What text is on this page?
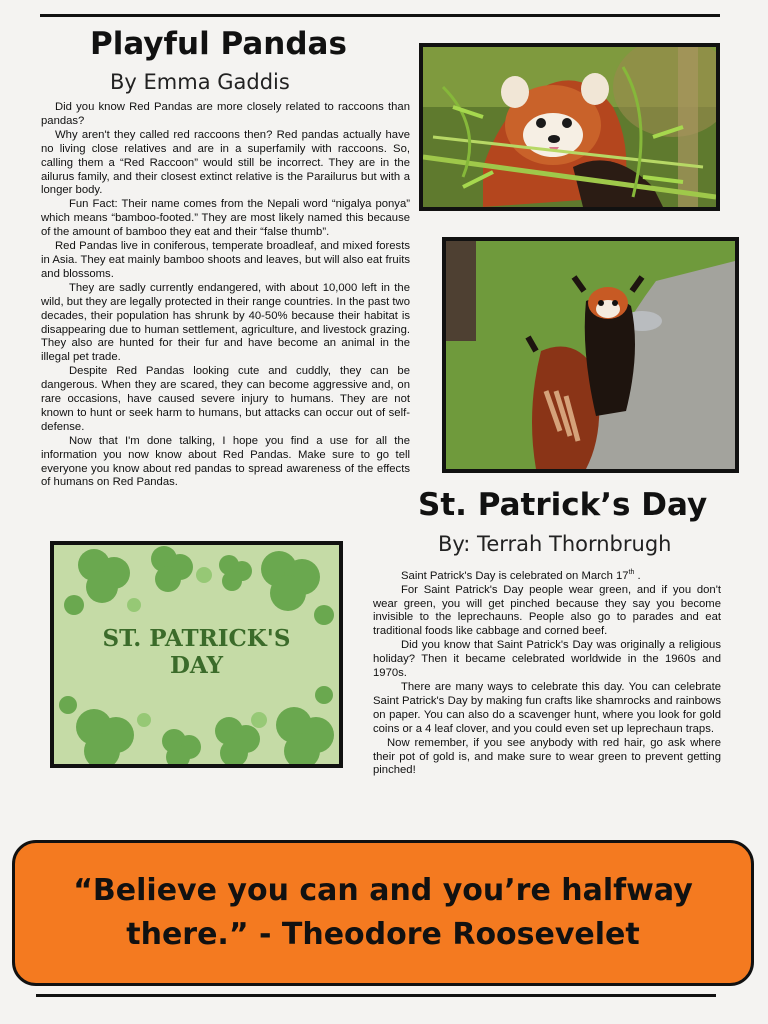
Playful Pandas
By Emma Gaddis

Did you know Red Pandas are more closely related to raccoons than pandas?

Why aren't they called red raccoons then? Red pandas actually have no living close relatives and are in a superfamily with raccoons. So, calling them a “Red Raccoon” would still be incorrect. They are in the ailurus family, and their closest extinct relative is the Parailurus but with a longer body.

Fun Fact: Their name comes from the Nepali word “nigalya ponya” which means “bamboo-footed.” They are most likely named this because of the amount of bamboo they eat and their “false thumb”.

Red Pandas live in coniferous, temperate broadleaf, and mixed forests in Asia. They eat mainly bamboo shoots and leaves, but will also eat fruits and blossoms.

They are sadly currently endangered, with about 10,000 left in the wild, but they are legally protected in their range countries. In the past two decades, their population has shrunk by 40-50% because their habitat is disappearing due to human settlement, agriculture, and livestock grazing. They also are hunted for their fur and have become an animal in the illegal pet trade.

Despite Red Pandas looking cute and cuddly, they can be dangerous. When they are scared, they can become aggressive and, on rare occasions, have caused severe injury to humans. They are not known to hunt or seek harm to humans, but attacks can occur out of self-defense.

Now that I'm done talking, I hope you find a use for all the information you now know about Red Pandas. Make sure to go tell everyone you know about red pandas to spread awareness of the effects of humans on Red Pandas.

ST. PATRICK'S
DAY
St. Patrick’s Day
By: Terrah Thornbrugh

Saint Patrick's Day is celebrated on March 17th .

For Saint Patrick's Day people wear green, and if you don't wear green, you will get pinched because they say you become invisible to the leprechauns. People also go to parades and eat traditional foods like cabbage and corned beef.

Did you know that Saint Patrick's Day was originally a religious holiday? Then it became celebrated worldwide in the 1960s and 1970s.

There are many ways to celebrate this day. You can celebrate Saint Patrick's Day by making fun crafts like shamrocks and rainbows on paper. You can also do a scavenger hunt, where you look for gold coins or a 4 leaf clover, and you could even set up leprechaun traps.

Now remember, if you see anybody with red hair, go ask where their pot of gold is, and make sure to wear green to prevent getting pinched!

“Believe you can and you’re halfway
there.” - Theodore Roosevelet
